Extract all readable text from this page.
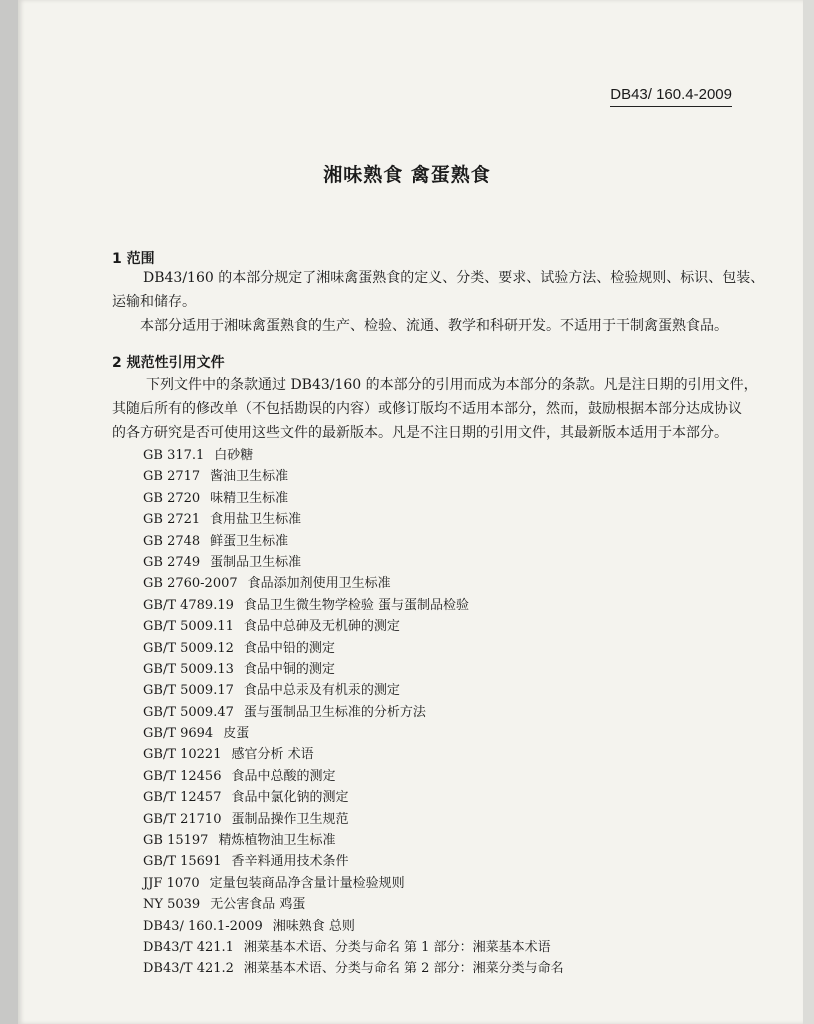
DB43/ 160.4-2009
湘味熟食 禽蛋熟食
1 范围
DB43/160 的本部分规定了湘味禽蛋熟食的定义、分类、要求、试验方法、检验规则、标识、包装、
运输和储存。
本部分适用于湘味禽蛋熟食的生产、检验、流通、教学和科研开发。不适用于干制禽蛋熟食品。
2 规范性引用文件
下列文件中的条款通过 DB43/160 的本部分的引用而成为本部分的条款。凡是注日期的引用文件，
其随后所有的修改单（不包括勘误的内容）或修订版均不适用本部分，然而，鼓励根据本部分达成协议
的各方研究是否可使用这些文件的最新版本。凡是不注日期的引用文件，其最新版本适用于本部分。
GB 317.1 白砂糖
GB 2717 酱油卫生标准
GB 2720 味精卫生标准
GB 2721 食用盐卫生标准
GB 2748 鲜蛋卫生标准
GB 2749 蛋制品卫生标准
GB 2760-2007 食品添加剂使用卫生标准
GB/T 4789.19 食品卫生微生物学检验 蛋与蛋制品检验
GB/T 5009.11 食品中总砷及无机砷的测定
GB/T 5009.12 食品中铅的测定
GB/T 5009.13 食品中铜的测定
GB/T 5009.17 食品中总汞及有机汞的测定
GB/T 5009.47 蛋与蛋制品卫生标准的分析方法
GB/T 9694 皮蛋
GB/T 10221 感官分析 术语
GB/T 12456 食品中总酸的测定
GB/T 12457 食品中氯化钠的测定
GB/T 21710 蛋制品操作卫生规范
GB 15197 精炼植物油卫生标准
GB/T 15691 香辛料通用技术条件
JJF 1070 定量包装商品净含量计量检验规则
NY 5039 无公害食品 鸡蛋
DB43/ 160.1-2009 湘味熟食 总则
DB43/T 421.1 湘菜基本术语、分类与命名 第 1 部分：湘菜基本术语
DB43/T 421.2 湘菜基本术语、分类与命名 第 2 部分：湘菜分类与命名
